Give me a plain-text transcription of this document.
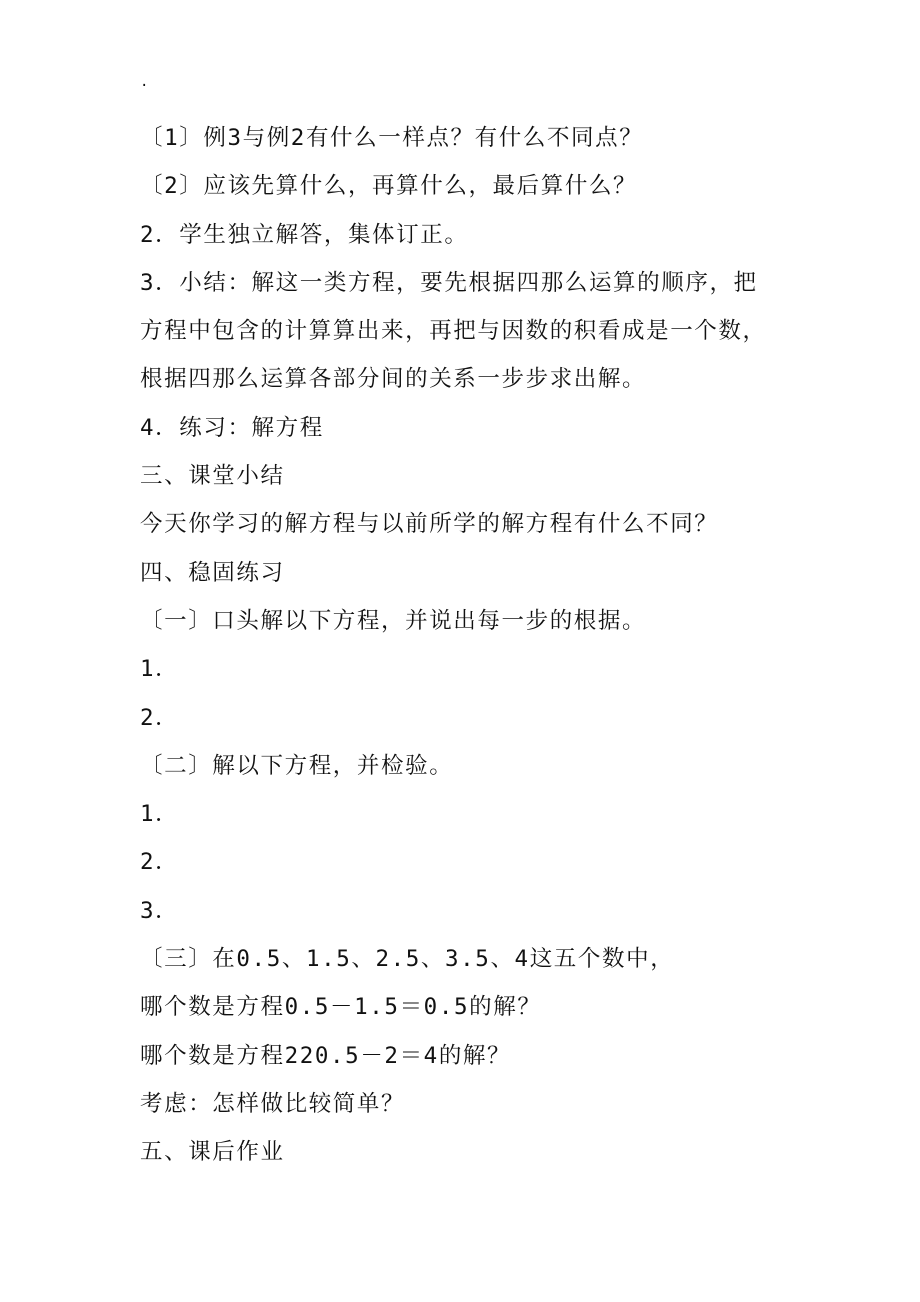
·
〔1〕例3与例2有什么一样点？有什么不同点？
〔2〕应该先算什么，再算什么，最后算什么？
2．学生独立解答，集体订正。
3．小结：解这一类方程，要先根据四那么运算的顺序，把
方程中包含的计算算出来，再把与因数的积看成是一个数，
根据四那么运算各部分间的关系一步步求出解。
4．练习：解方程
三、课堂小结
今天你学习的解方程与以前所学的解方程有什么不同？
四、稳固练习
〔一〕口头解以下方程，并说出每一步的根据。
1．
2．
〔二〕解以下方程，并检验。
1．
2．
3．
〔三〕在0.5、1.5、2.5、3.5、4这五个数中，
哪个数是方程0.5－1.5＝0.5的解？
哪个数是方程220.5－2＝4的解？
考虑：怎样做比较简单？
五、课后作业
